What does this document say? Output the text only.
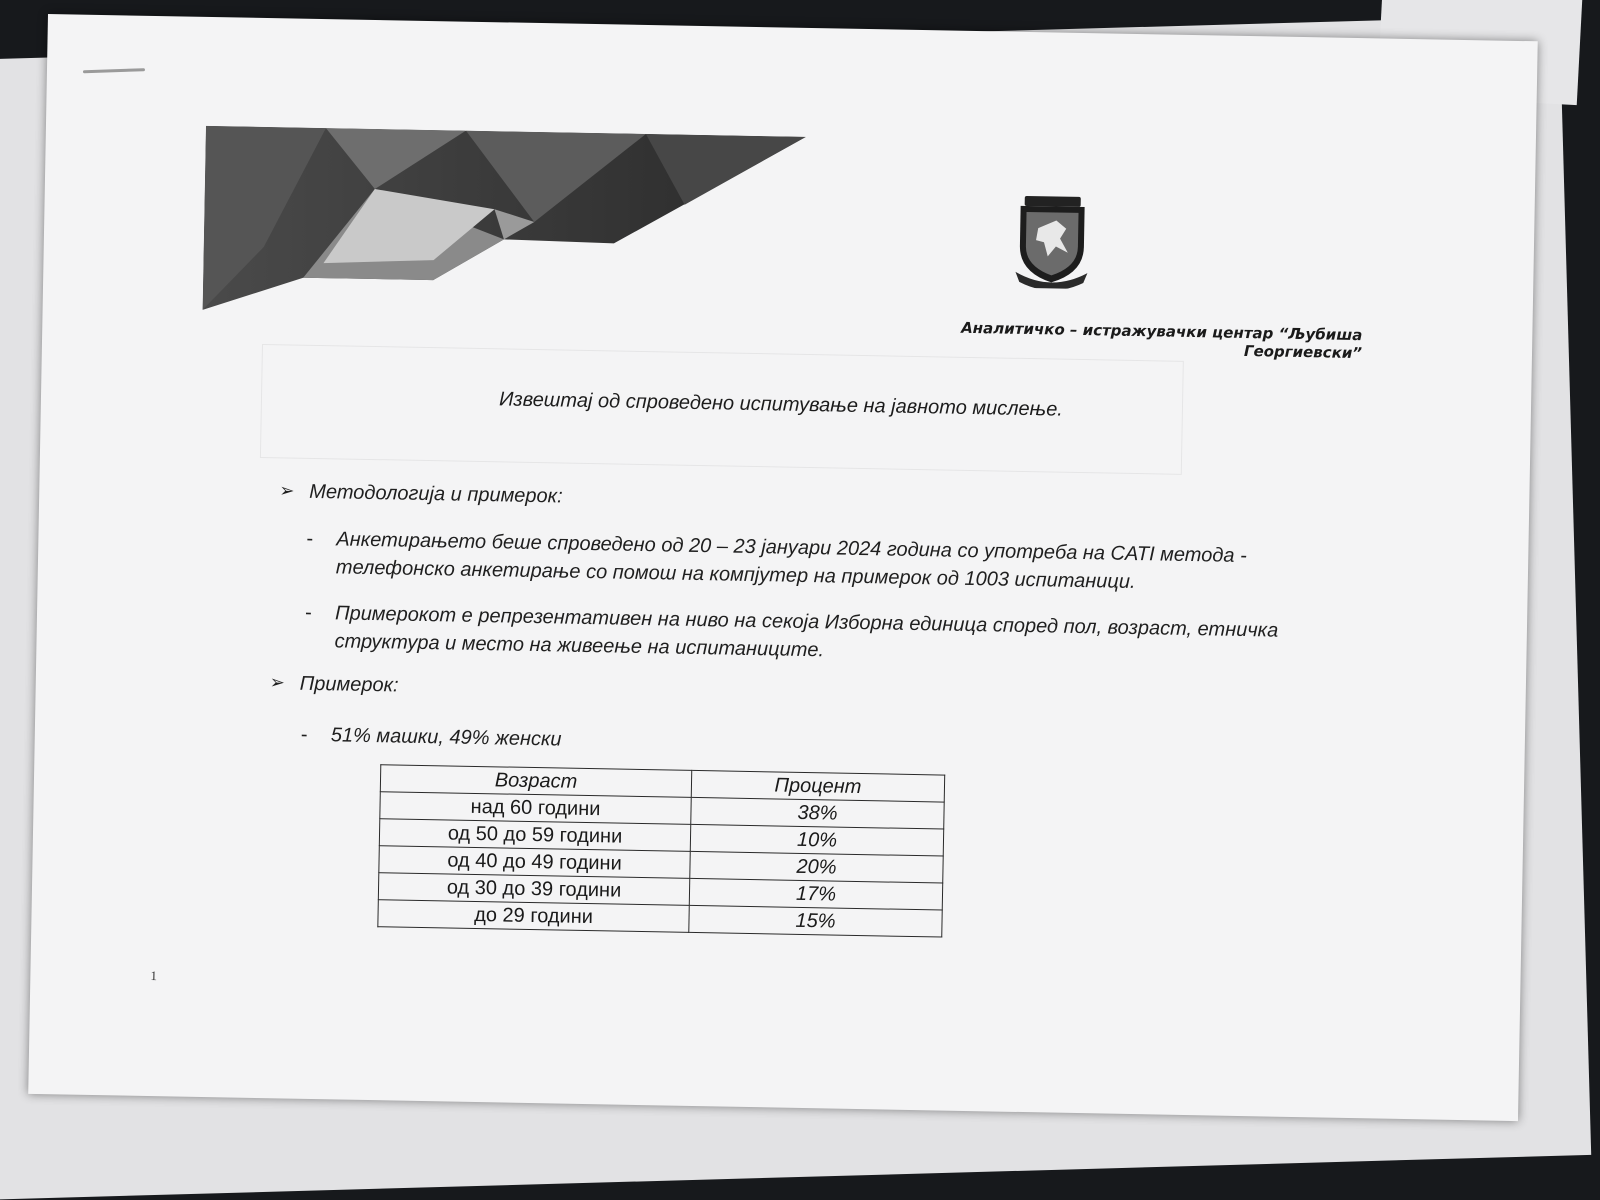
Аналитичко – истражувачки центар “Љубиша Георгиевски”
Извештај од спроведено испитување на јавното мислење.
➢ Методологија и примерок:
- Анкетирањето беше спроведено од 20 – 23 јануари 2024 година со употреба на CATI метода - телефонско анкетирање со помош на компјутер на примерок од 1003 испитаници.
- Примерокот е репрезентативен на ниво на секоја Изборна единица според пол, возраст, етничка структура и место на живеење на испитаниците.
➢ Примерок:
- 51% машки, 49% женски
Возраст	Процент
над 60 години	38%
од 50 до 59 години	10%
од 40 до 49 години	20%
од 30 до 39 години	17%
до 29 години	15%
1
